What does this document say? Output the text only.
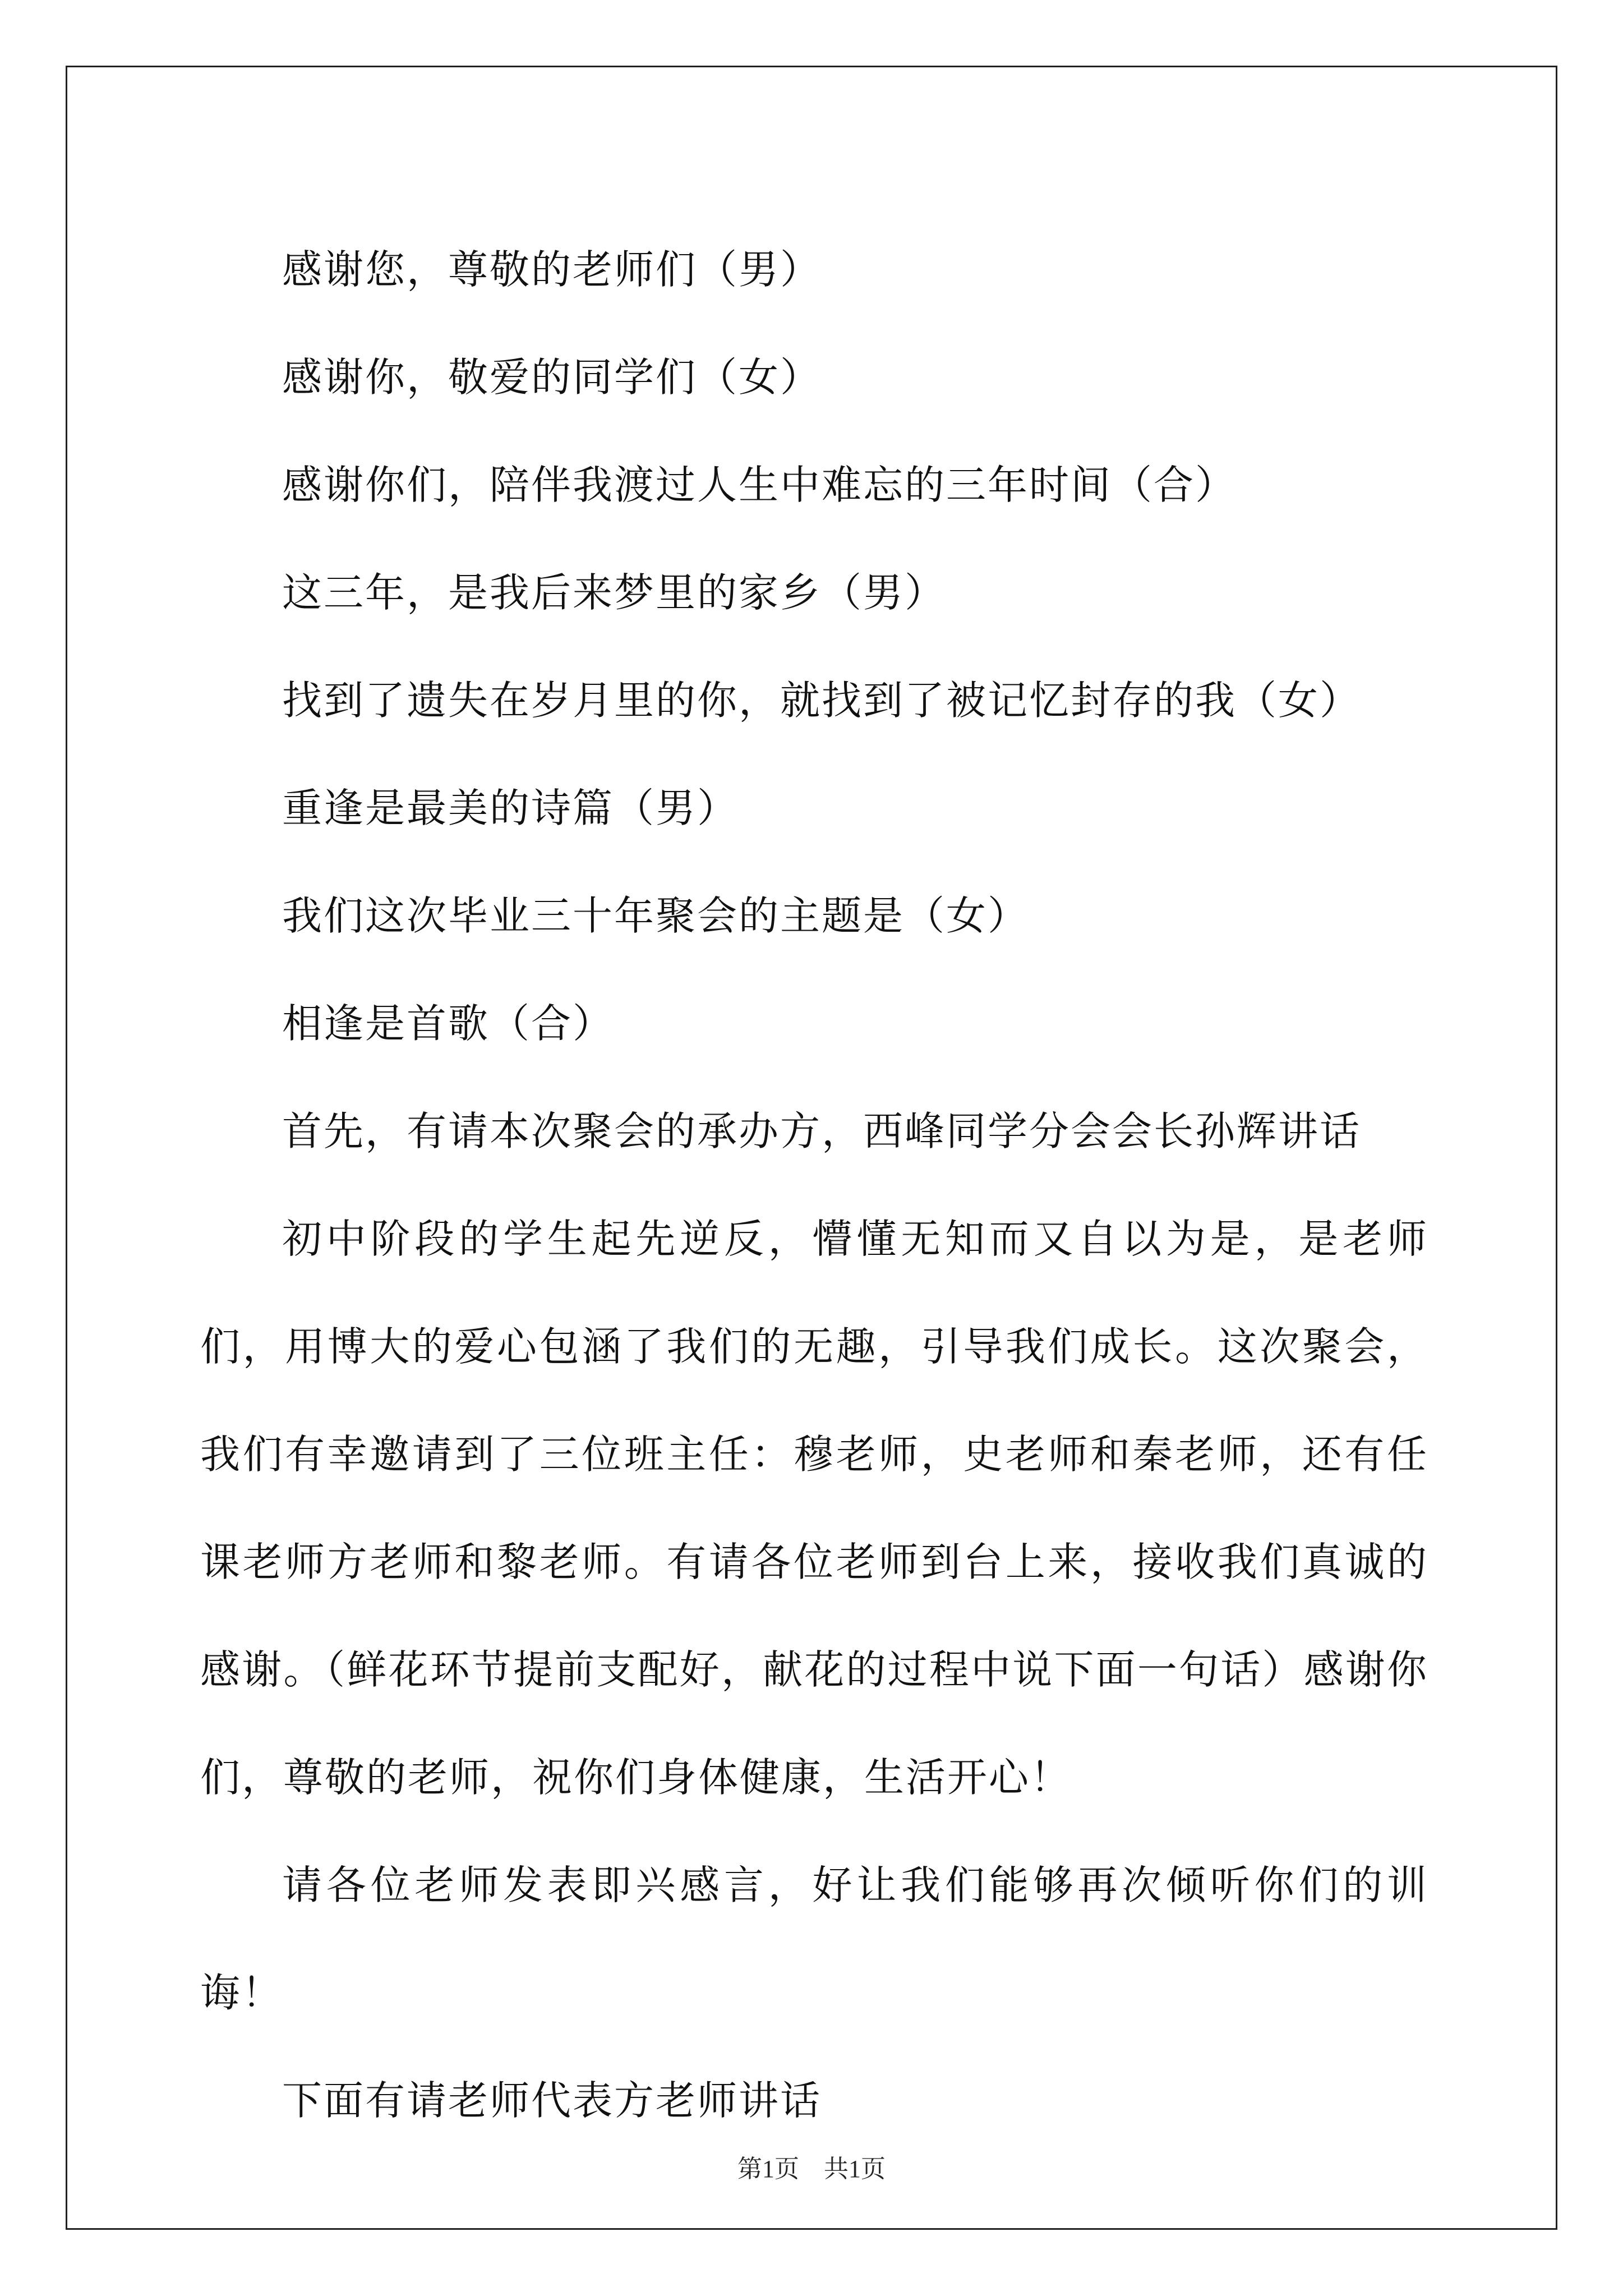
感谢您，尊敬的老师们（男）

感谢你，敬爱的同学们（女）

感谢你们，陪伴我渡过人生中难忘的三年时间（合）

这三年，是我后来梦里的家乡（男）

找到了遗失在岁月里的你，就找到了被记忆封存的我（女）

重逢是最美的诗篇（男）

我们这次毕业三十年聚会的主题是（女）

相逢是首歌（合）

首先，有请本次聚会的承办方，西峰同学分会会长孙辉讲话

初中阶段的学生起先逆反，懵懂无知而又自以为是，是老师们，用博大的爱心包涵了我们的无趣，引导我们成长。这次聚会，我们有幸邀请到了三位班主任：穆老师，史老师和秦老师，还有任课老师方老师和黎老师。有请各位老师到台上来，接收我们真诚的感谢。（鲜花环节提前支配好，献花的过程中说下面一句话）感谢你们，尊敬的老师，祝你们身体健康，生活开心！

请各位老师发表即兴感言，好让我们能够再次倾听你们的训诲！

下面有请老师代表方老师讲话

第1页　共1页
